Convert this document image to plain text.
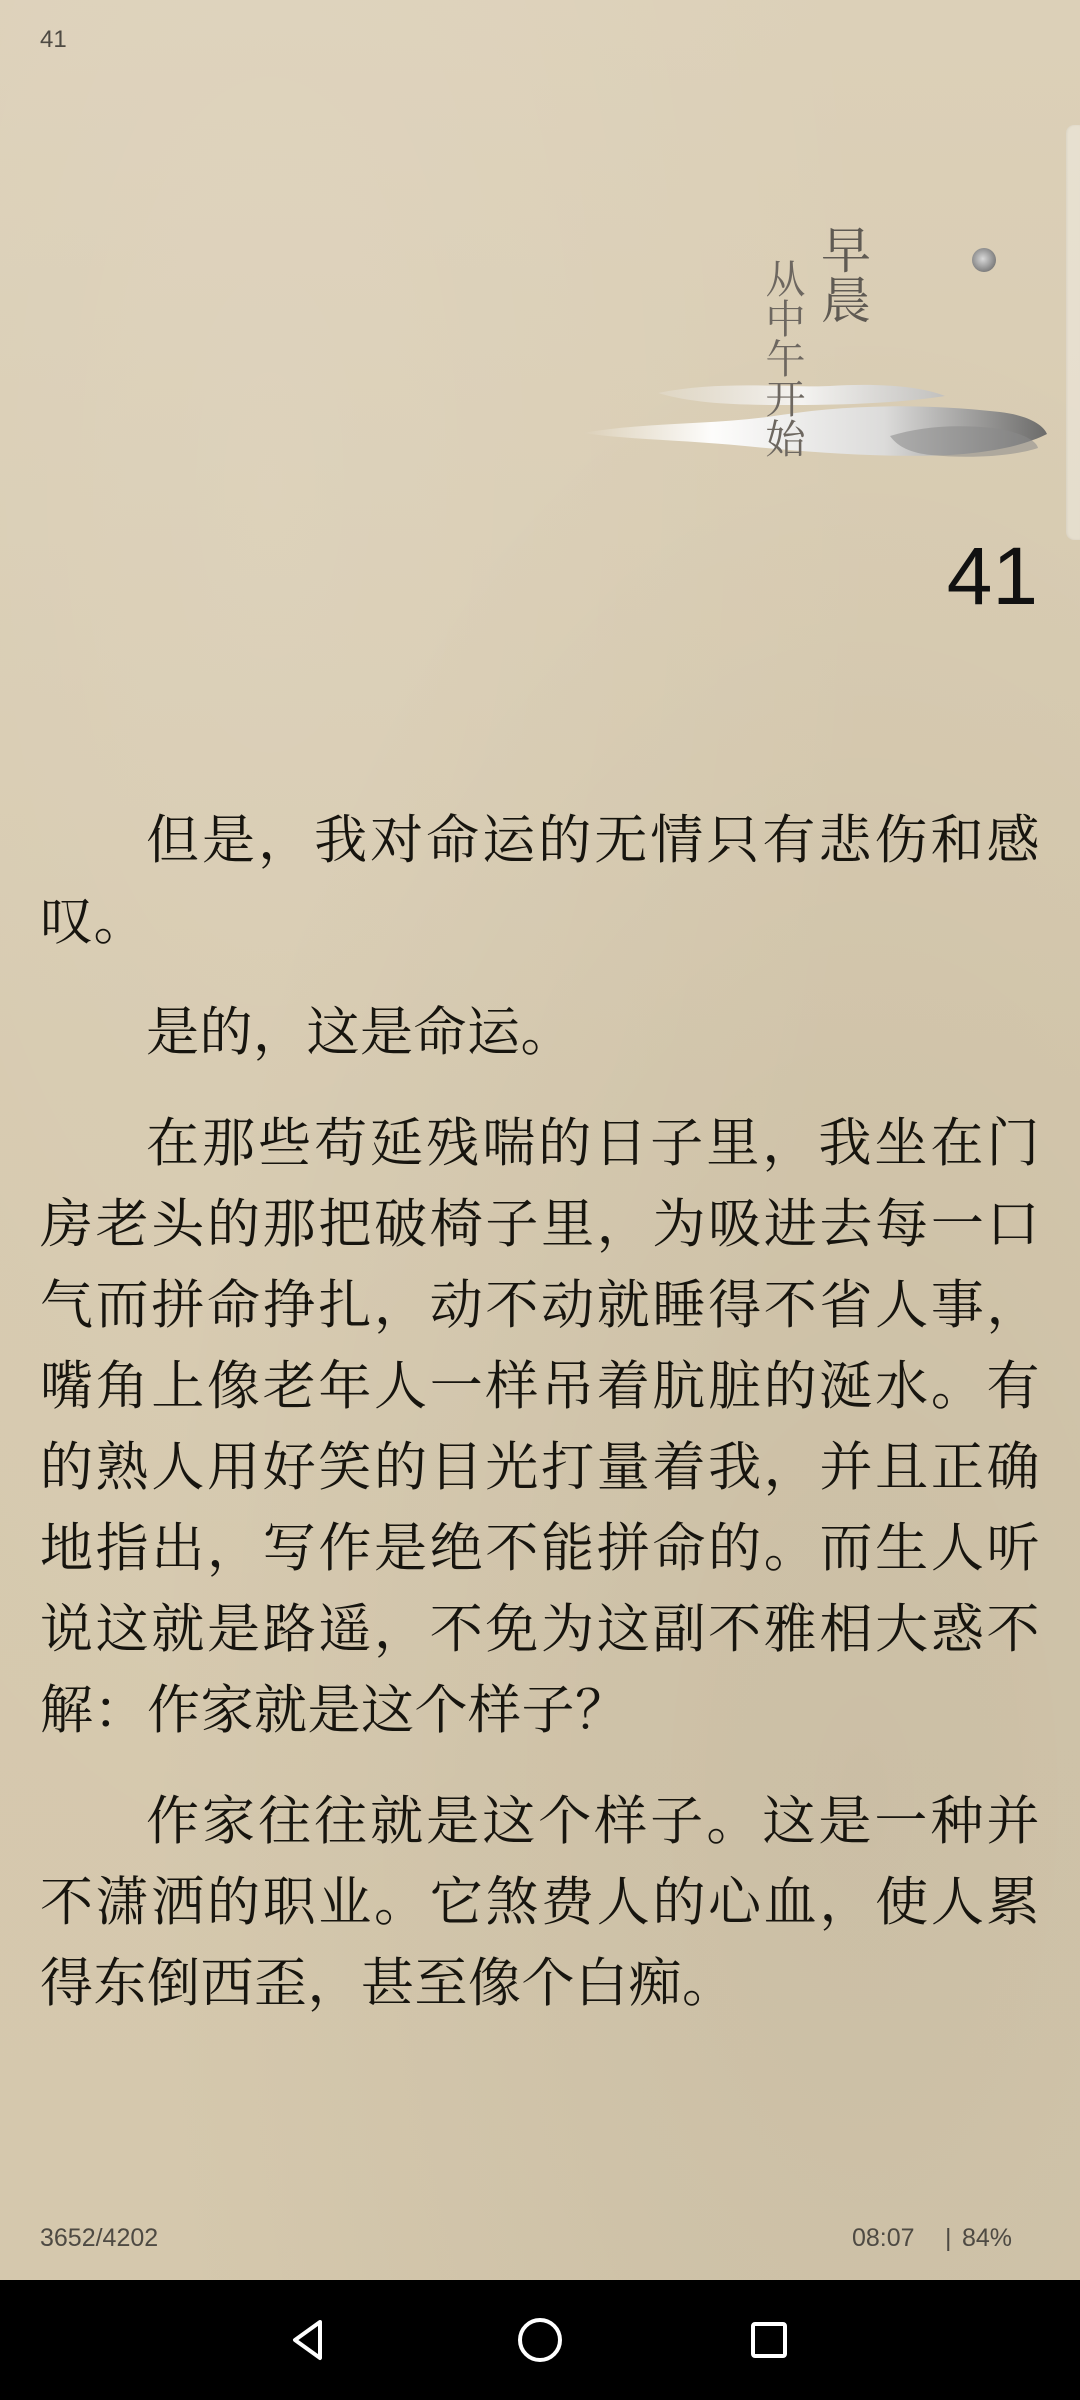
41
早晨
从中午开始
41

但是，我对命运的无情只有悲伤和感叹。

是的，这是命运。

在那些苟延残喘的日子里，我坐在门房老头的那把破椅子里，为吸进去每一口气而拼命挣扎，动不动就睡得不省人事，嘴角上像老年人一样吊着肮脏的涎水。有的熟人用好笑的目光打量着我，并且正确地指出，写作是绝不能拼命的。而生人听说这就是路遥，不免为这副不雅相大惑不解：作家就是这个样子？

作家往往就是这个样子。这是一种并不潇洒的职业。它煞费人的心血，使人累得东倒西歪，甚至像个白痴。

3652/4202	08:07 | 84%
